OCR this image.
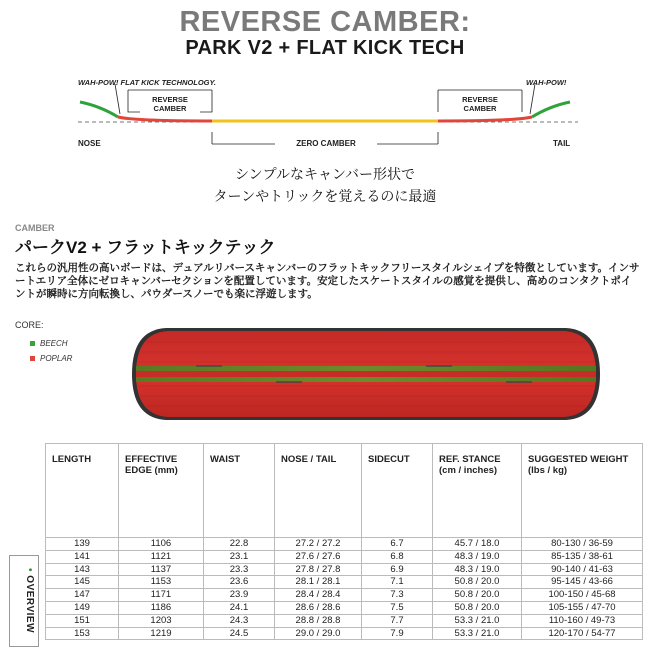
REVERSE CAMBER:
PARK V2 + FLAT KICK TECH
WAH-POW! FLAT KICK TECHNOLOGY.	WAH-POW!
REVERSE
CAMBER
REVERSE
CAMBER
NOSE	TAIL
ZERO CAMBER
シンプルなキャンバー形状で
ターンやトリックを覚えるのに最適
CAMBER
パークV2 + フラットキックテック
これらの汎用性の高いボードは、デュアルリバースキャンバーのフラットキックフリースタイルシェイプを特徴としています。インサートエリア全体にゼロキャンバーセクションを配置しています。安定したスケートスタイルの感覚を提供し、高めのコンタクトポイントが瞬時に方向転換し、パウダースノーでも楽に浮遊します。
CORE:
BEECH
POPLAR
LENGTH	EFFECTIVE EDGE (mm)	WAIST	NOSE / TAIL	SIDECUT	REF. STANCE (cm / inches)	SUGGESTED WEIGHT (lbs / kg)
139	1106	22.8	27.2 / 27.2	6.7	45.7 / 18.0	80-130 / 36-59
141	1121	23.1	27.6 / 27.6	6.8	48.3 / 19.0	85-135 / 38-61
143	1137	23.3	27.8 / 27.8	6.9	48.3 / 19.0	90-140 / 41-63
145	1153	23.6	28.1 / 28.1	7.1	50.8 / 20.0	95-145 / 43-66
147	1171	23.9	28.4 / 28.4	7.3	50.8 / 20.0	100-150 / 45-68
149	1186	24.1	28.6 / 28.6	7.5	50.8 / 20.0	105-155 / 47-70
151	1203	24.3	28.8 / 28.8	7.7	53.3 / 21.0	110-160 / 49-73
153	1219	24.5	29.0 / 29.0	7.9	53.3 / 21.0	120-170 / 54-77
• OVERVIEW
